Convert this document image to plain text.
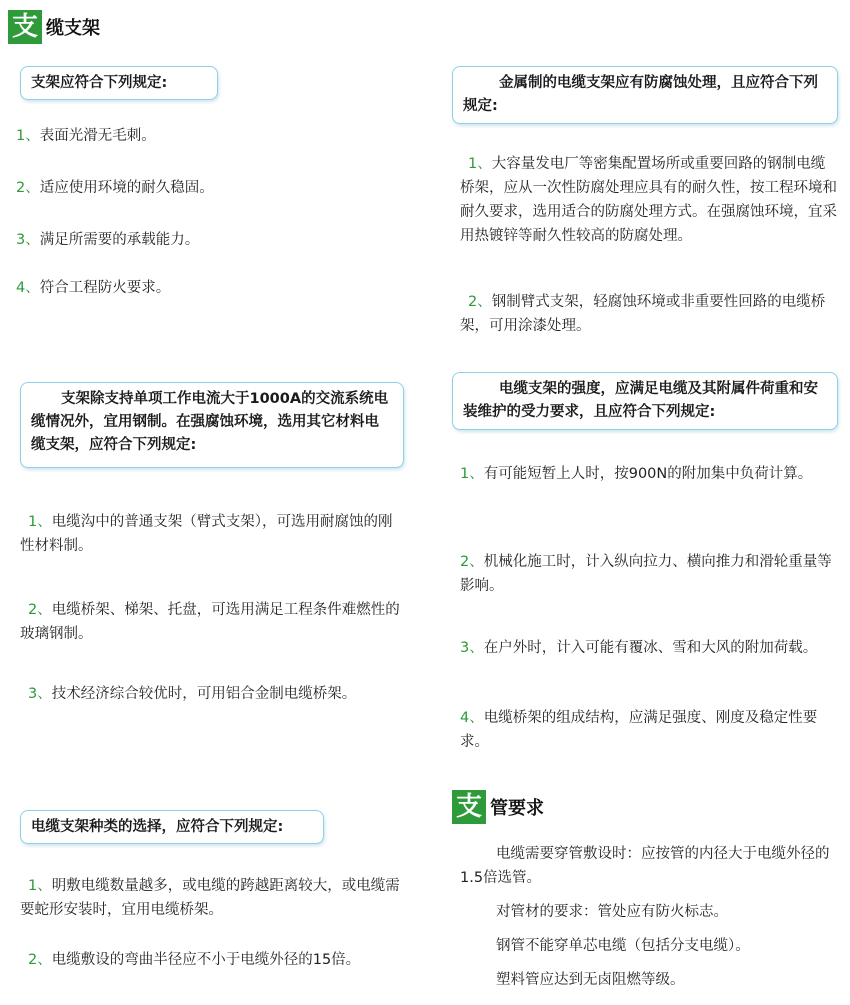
支 缆支架
支架应符合下列规定:
1、表面光滑无毛刺。
2、适应使用环境的耐久稳固。
3、满足所需要的承载能力。
4、符合工程防火要求。
支架除支持单项工作电流大于1000A的交流系统电缆情况外，宜用钢制。在强腐蚀环境，选用其它材料电缆支架，应符合下列规定:
1、电缆沟中的普通支架（臂式支架），可选用耐腐蚀的刚性材料制。
2、电缆桥架、梯架、托盘，可选用满足工程条件难燃性的玻璃钢制。
3、技术经济综合较优时，可用铝合金制电缆桥架。
电缆支架种类的选择，应符合下列规定:
1、明敷电缆数量越多，或电缆的跨越距离较大，或电缆需要蛇形安装时，宜用电缆桥架。
2、电缆敷设的弯曲半径应不小于电缆外径的15倍。
金属制的电缆支架应有防腐蚀处理，且应符合下列规定:
1、大容量发电厂等密集配置场所或重要回路的钢制电缆桥架，应从一次性防腐处理应具有的耐久性，按工程环境和耐久要求，选用适合的防腐处理方式。在强腐蚀环境，宜采用热镀锌等耐久性较高的防腐处理。
2、钢制臂式支架，轻腐蚀环境或非重要性回路的电缆桥架，可用涂漆处理。
电缆支架的强度，应满足电缆及其附属件荷重和安装维护的受力要求，且应符合下列规定:
1、有可能短暂上人时，按900N的附加集中负荷计算。
2、机械化施工时，计入纵向拉力、横向推力和滑轮重量等影响。
3、在户外时，计入可能有覆冰、雪和大风的附加荷载。
4、电缆桥架的组成结构，应满足强度、刚度及稳定性要求。
支 管要求
电缆需要穿管敷设时：应按管的内径大于电缆外径的1.5倍选管。
对管材的要求：管处应有防火标志。
钢管不能穿单芯电缆（包括分支电缆）。
塑料管应达到无卤阻燃等级。
